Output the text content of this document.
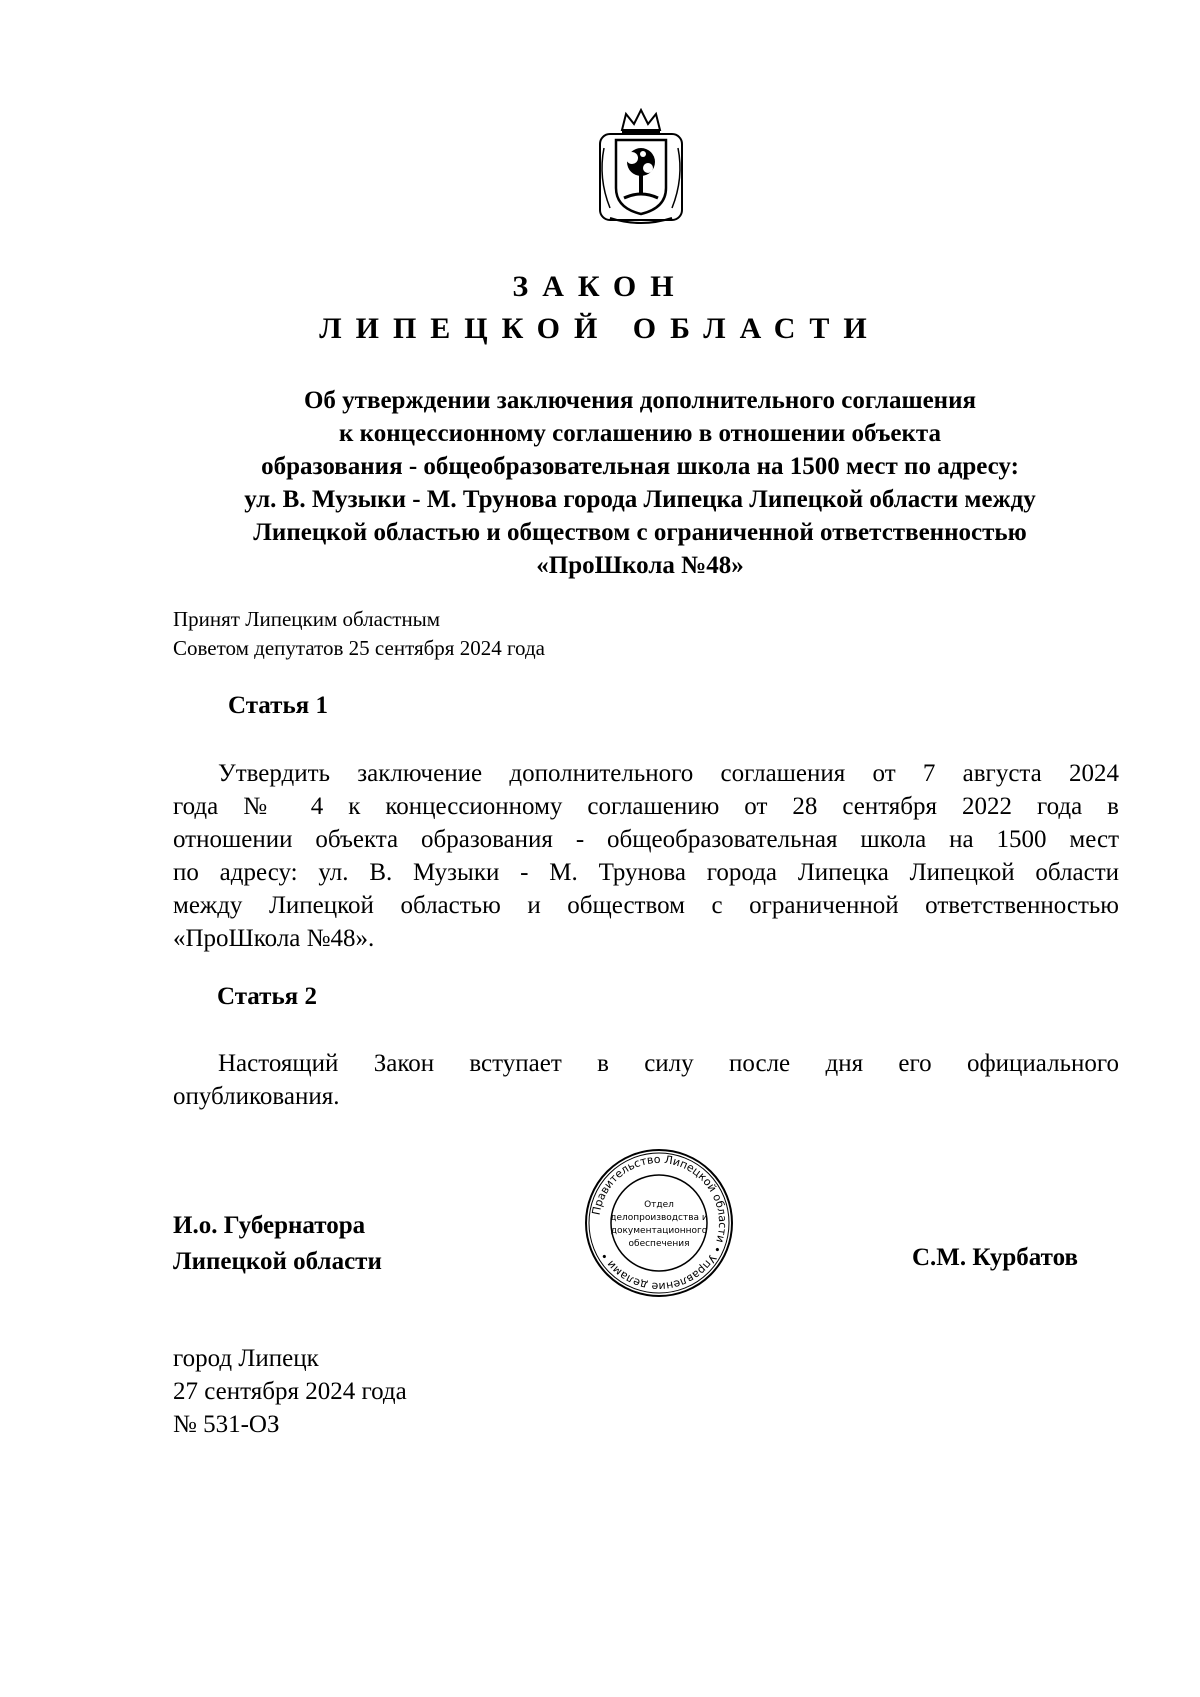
ЗАКОН
ЛИПЕЦКОЙ ОБЛАСТИ
Об утверждении заключения дополнительного соглашения
к концессионному соглашению в отношении объекта
образования - общеобразовательная школа на 1500 мест по адресу:
ул. В. Музыки - М. Трунова города Липецка Липецкой области между
Липецкой областью и обществом с ограниченной ответственностью
«ПроШкола №48»
Принят Липецким областным
Советом депутатов 25 сентября 2024 года
Статья 1
Утвердить заключение дополнительного соглашения от 7 августа 2024
года № 4 к концессионному соглашению от 28 сентября 2022 года в
отношении объекта образования - общеобразовательная школа на 1500 мест
по адресу: ул. В. Музыки - М. Трунова города Липецка Липецкой области
между Липецкой областью и обществом с ограниченной ответственностью
«ПроШкола №48».
Статья 2
Настоящий Закон вступает в силу после дня его официального
опубликования.
И.о. Губернатора
Липецкой области
Правительство Липецкой области • Управление делами •
Отдел
делопроизводства и
документационного
обеспечения	С.М. Курбатов
город Липецк
27 сентября 2024 года
№ 531-ОЗ
